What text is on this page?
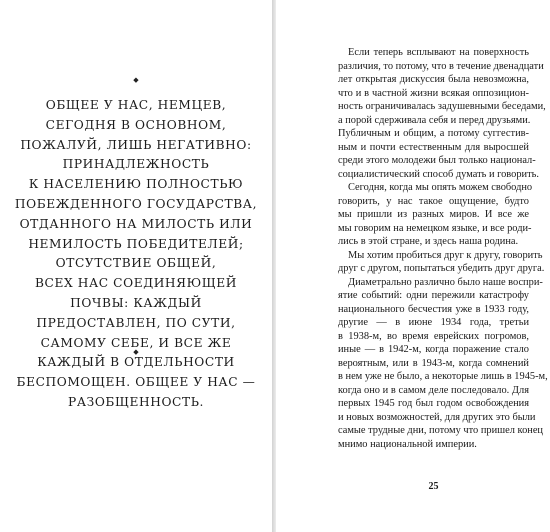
◆
ОБЩЕЕ У НАС, НЕМЦЕВ,
СЕГОДНЯ В ОСНОВНОМ,
ПОЖАЛУЙ, ЛИШЬ НЕГАТИВНО:
ПРИНАДЛЕЖНОСТЬ
К НАСЕЛЕНИЮ ПОЛНОСТЬЮ
ПОБЕЖДЕННОГО ГОСУДАРСТВА,
ОТДАННОГО НА МИЛОСТЬ ИЛИ
НЕМИЛОСТЬ ПОБЕДИТЕЛЕЙ;
ОТСУТСТВИЕ ОБЩЕЙ,
ВСЕХ НАС СОЕДИНЯЮЩЕЙ
ПОЧВЫ: КАЖДЫЙ
ПРЕДОСТАВЛЕН, ПО СУТИ,
САМОМУ СЕБЕ, И ВСЕ ЖЕ
КАЖДЫЙ В ОТДЕЛЬНОСТИ
БЕСПОМОЩЕН. ОБЩЕЕ У НАС —
РАЗОБЩЕННОСТЬ.
◆
Если теперь всплывают на поверхность
различия, то потому, что в течение двенадцати
лет открытая дискуссия была невозможна,
что и в частной жизни всякая оппозицион-
ность ограничивалась задушевными беседами,
а порой сдерживала себя и перед друзьями.
Публичным и общим, а потому суггестив-
ным и почти естественным для выросшей
среди этого молодежи был только национал-
социалистический способ думать и говорить.
Сегодня, когда мы опять можем свободно
говорить, у нас такое ощущение, будто
мы пришли из разных миров. И все же
мы говорим на немецком языке, и все роди-
лись в этой стране, и здесь наша родина.
Мы хотим пробиться друг к другу, говорить
друг с другом, попытаться убедить друг друга.
Диаметрально различно было наше воспри-
ятие событий: одни пережили катастрофу
национального бесчестия уже в 1933 году,
другие — в июне 1934 года, третьи
в 1938-м, во время еврейских погромов,
иные — в 1942-м, когда поражение стало
вероятным, или в 1943-м, когда сомнений
в нем уже не было, а некоторые лишь в 1945-м,
когда оно и в самом деле последовало. Для
первых 1945 год был годом освобождения
и новых возможностей, для других это были
самые трудные дни, потому что пришел конец
мнимо национальной империи.
25
